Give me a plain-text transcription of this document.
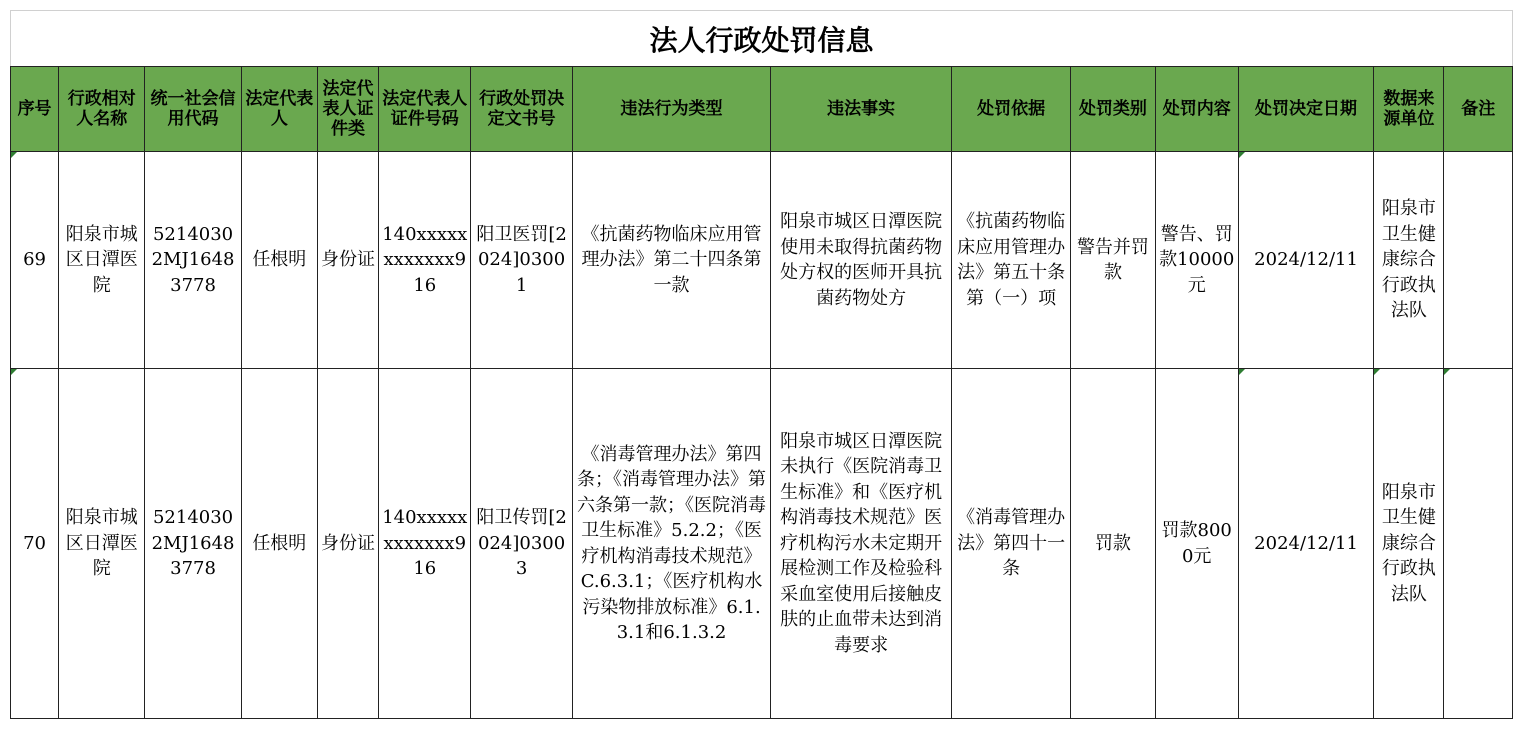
法人行政处罚信息														
序号	行政相对人名称	统一社会信用代码	法定代表人	法定代表人证件类	法定代表人证件号码	行政处罚决定文书号	违法行为类型	违法事实	处罚依据	处罚类别	处罚内容	处罚决定日期	数据来源单位	备注
69	阳泉市城区日潭医院	52140302MJ16483778	任根明	身份证	140xxxxxxxxxxxx916	阳卫医罚[2024]03001	《抗菌药物临床应用管理办法》第二十四条第一款	阳泉市城区日潭医院使用未取得抗菌药物处方权的医师开具抗菌药物处方	《抗菌药物临床应用管理办法》第五十条第（一）项	警告并罚款	警告、罚款10000元	2024/12/11	阳泉市卫生健康综合行政执法队	
70	阳泉市城区日潭医院	52140302MJ16483778	任根明	身份证	140xxxxxxxxxxxx916	阳卫传罚[2024]03003	《消毒管理办法》第四条；《消毒管理办法》第六条第一款；《医院消毒卫生标准》5.2.2；《医疗机构消毒技术规范》C.6.3.1；《医疗机构水污染物排放标准》6.1.3.1和6.1.3.2	阳泉市城区日潭医院未执行《医院消毒卫生标准》和《医疗机构消毒技术规范》医疗机构污水未定期开展检测工作及检验科采血室使用后接触皮肤的止血带未达到消毒要求	《消毒管理办法》第四十一条	罚款	罚款8000元	2024/12/11	阳泉市卫生健康综合行政执法队	
